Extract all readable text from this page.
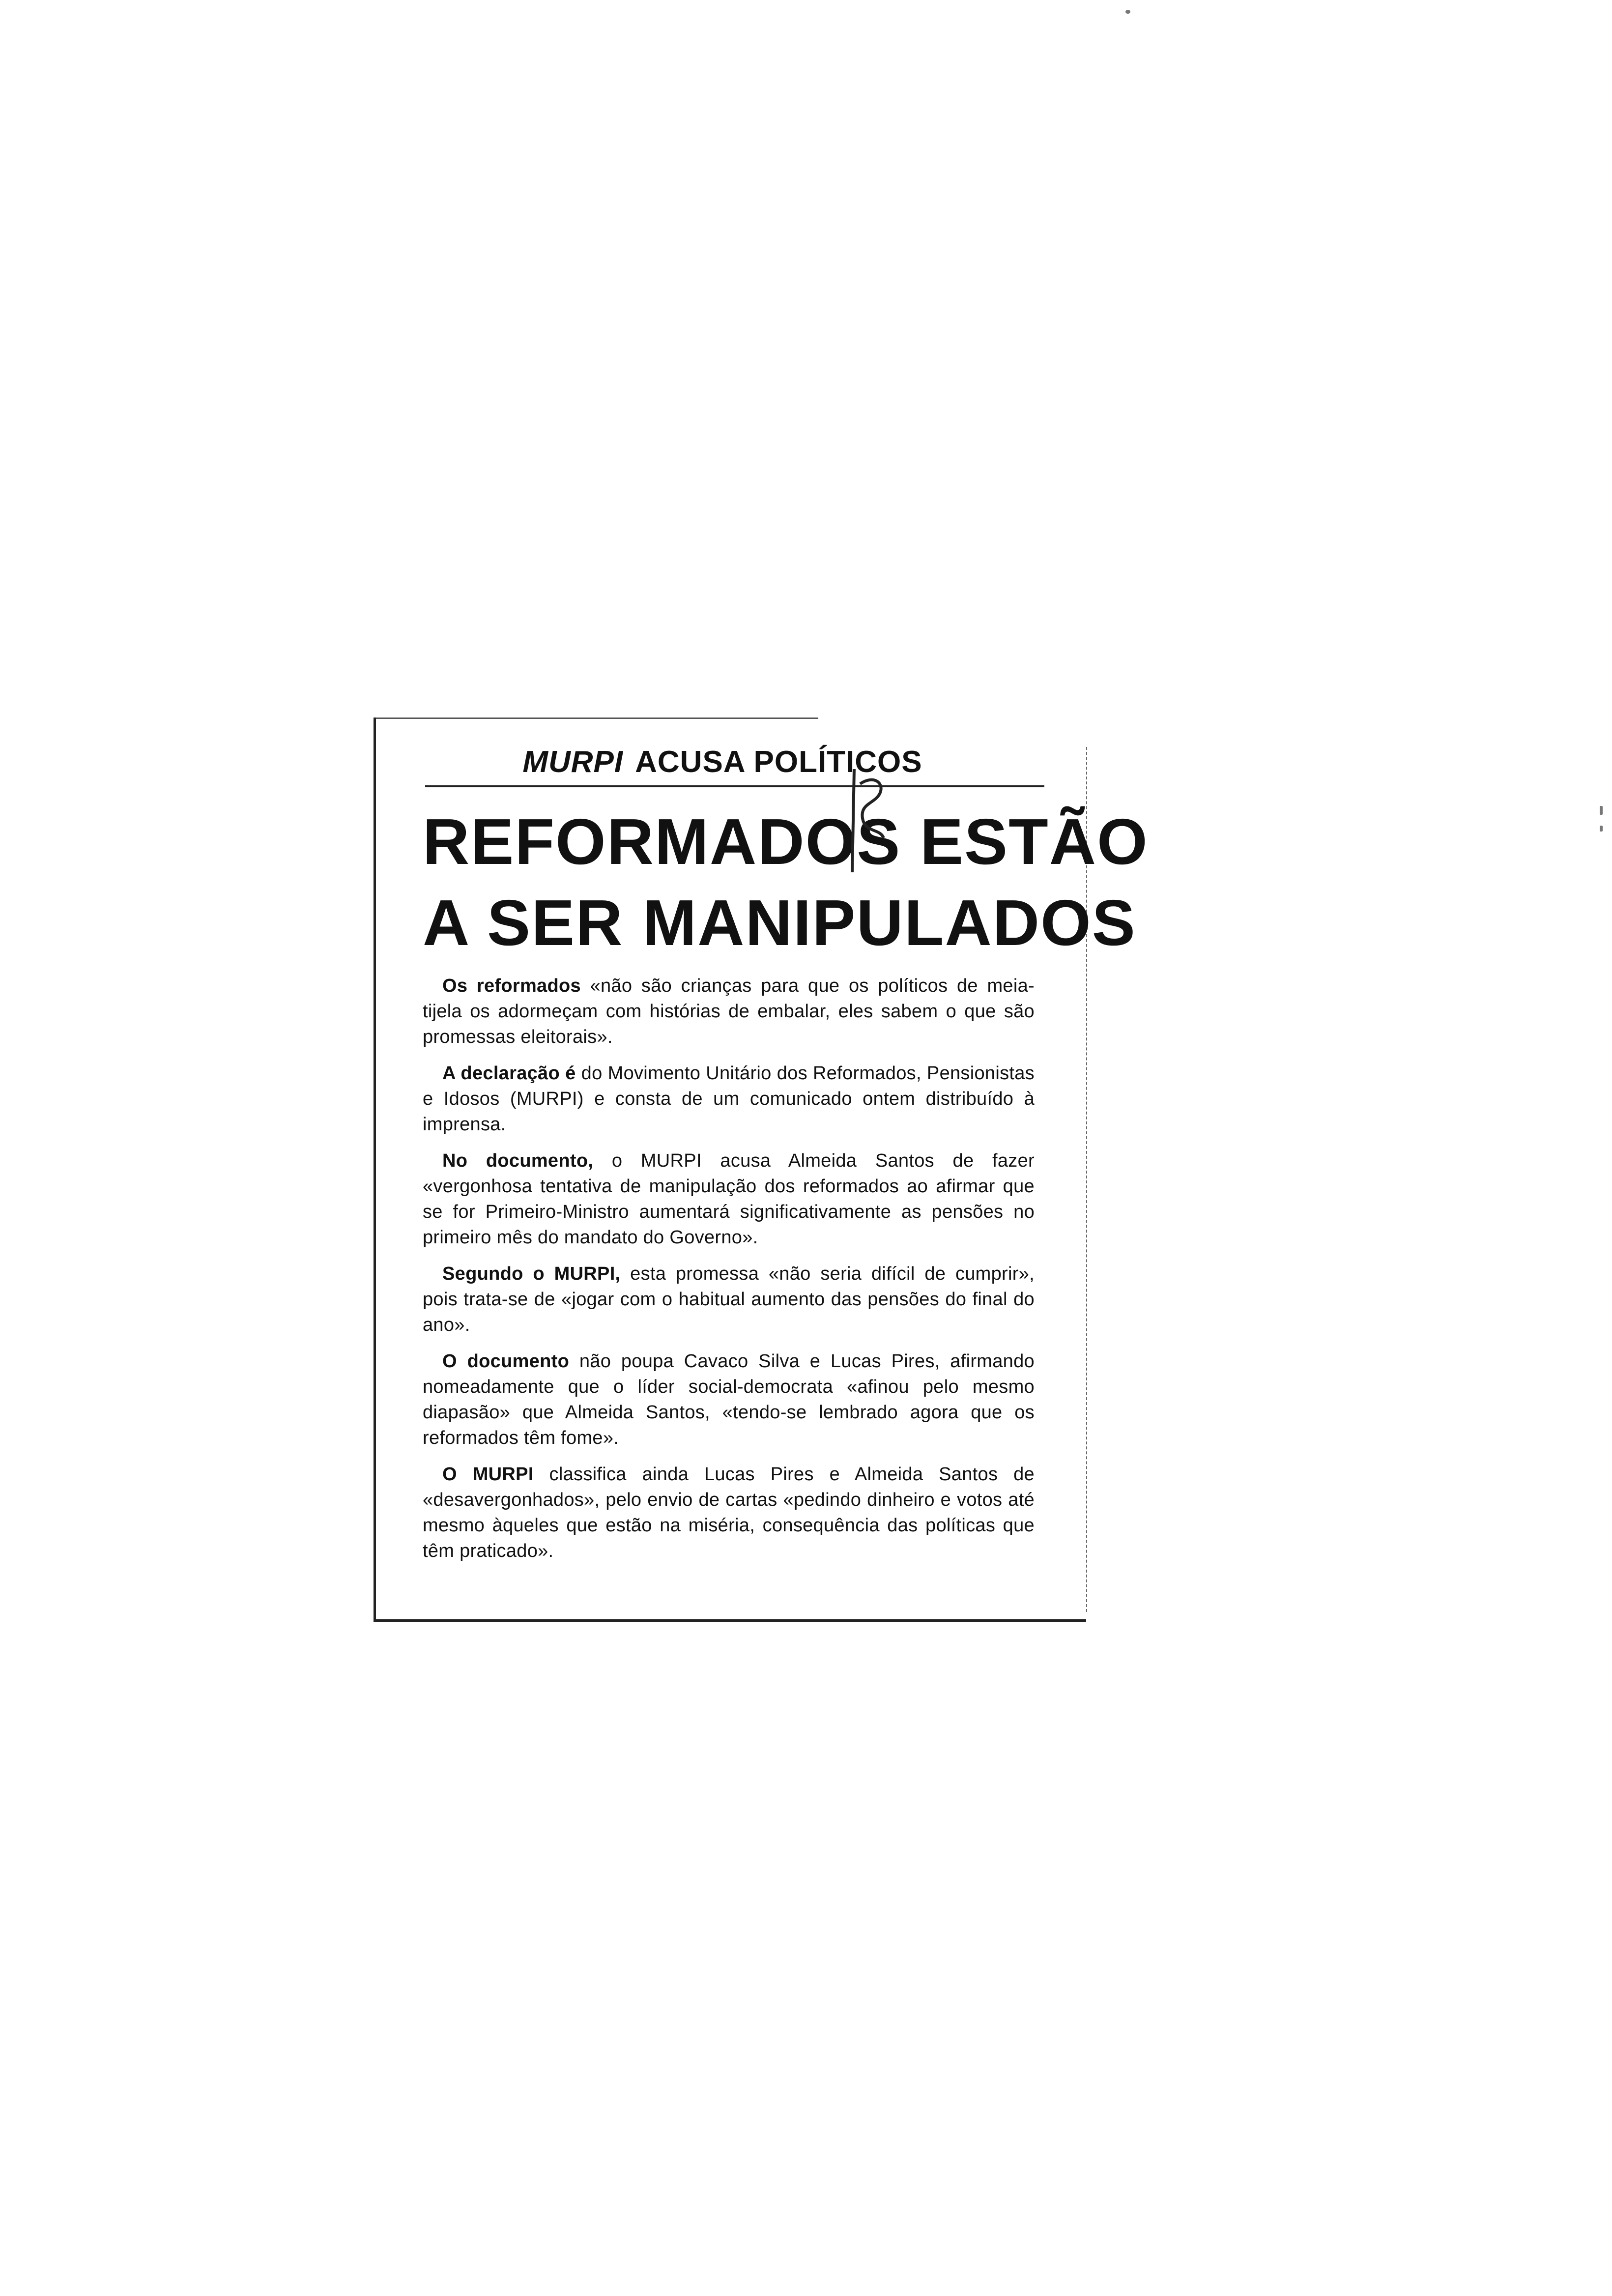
MURPI ACUSA POLÍTICOS
REFORMADOS ESTÃO
A SER MANIPULADOS

Os reformados «não são crianças para que os políticos de meia-tijela os adormeçam com histórias de embalar, eles sabem o que são promessas eleitorais».

A declaração é do Movimento Unitário dos Reformados, Pensionistas e Idosos (MURPI) e consta de um comunicado ontem distribuído à imprensa.

No documento, o MURPI acusa Almeida Santos de fazer «vergonhosa tentativa de manipulação dos reformados ao afirmar que se for Primeiro-Ministro aumentará significativamente as pensões no primeiro mês do mandato do Governo».

Segundo o MURPI, esta promessa «não seria difícil de cumprir», pois trata-se de «jogar com o habitual aumento das pensões do final do ano».

O documento não poupa Cavaco Silva e Lucas Pires, afirmando nomeadamente que o líder social-democrata «afinou pelo mesmo diapasão» que Almeida Santos, «tendo-se lembrado agora que os reformados têm fome».

O MURPI classifica ainda Lucas Pires e Almeida Santos de «desavergonhados», pelo envio de cartas «pedindo dinheiro e votos até mesmo àqueles que estão na miséria, consequência das políticas que têm praticado».
